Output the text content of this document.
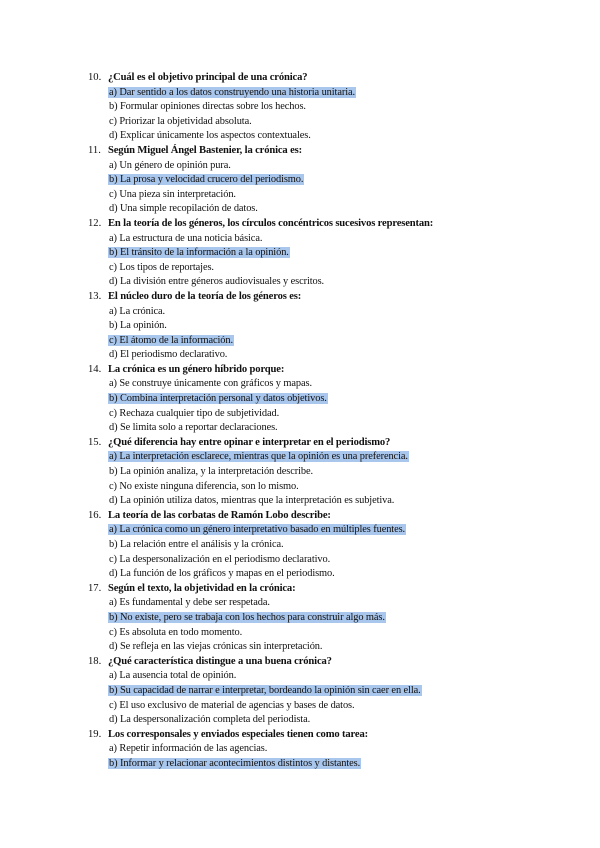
10. ¿Cuál es el objetivo principal de una crónica?
a) Dar sentido a los datos construyendo una historia unitaria.
b) Formular opiniones directas sobre los hechos.
c) Priorizar la objetividad absoluta.
d) Explicar únicamente los aspectos contextuales.
11. Según Miguel Ángel Bastenier, la crónica es:
a) Un género de opinión pura.
b) La prosa y velocidad crucero del periodismo.
c) Una pieza sin interpretación.
d) Una simple recopilación de datos.
12. En la teoría de los géneros, los círculos concéntricos sucesivos representan:
a) La estructura de una noticia básica.
b) El tránsito de la información a la opinión.
c) Los tipos de reportajes.
d) La división entre géneros audiovisuales y escritos.
13. El núcleo duro de la teoría de los géneros es:
a) La crónica.
b) La opinión.
c) El átomo de la información.
d) El periodismo declarativo.
14. La crónica es un género híbrido porque:
a) Se construye únicamente con gráficos y mapas.
b) Combina interpretación personal y datos objetivos.
c) Rechaza cualquier tipo de subjetividad.
d) Se limita solo a reportar declaraciones.
15. ¿Qué diferencia hay entre opinar e interpretar en el periodismo?
a) La interpretación esclarece, mientras que la opinión es una preferencia.
b) La opinión analiza, y la interpretación describe.
c) No existe ninguna diferencia, son lo mismo.
d) La opinión utiliza datos, mientras que la interpretación es subjetiva.
16. La teoría de las corbatas de Ramón Lobo describe:
a) La crónica como un género interpretativo basado en múltiples fuentes.
b) La relación entre el análisis y la crónica.
c) La despersonalización en el periodismo declarativo.
d) La función de los gráficos y mapas en el periodismo.
17. Según el texto, la objetividad en la crónica:
a) Es fundamental y debe ser respetada.
b) No existe, pero se trabaja con los hechos para construir algo más.
c) Es absoluta en todo momento.
d) Se refleja en las viejas crónicas sin interpretación.
18. ¿Qué característica distingue a una buena crónica?
a) La ausencia total de opinión.
b) Su capacidad de narrar e interpretar, bordeando la opinión sin caer en ella.
c) El uso exclusivo de material de agencias y bases de datos.
d) La despersonalización completa del periodista.
19. Los corresponsales y enviados especiales tienen como tarea:
a) Repetir información de las agencias.
b) Informar y relacionar acontecimientos distintos y distantes.
